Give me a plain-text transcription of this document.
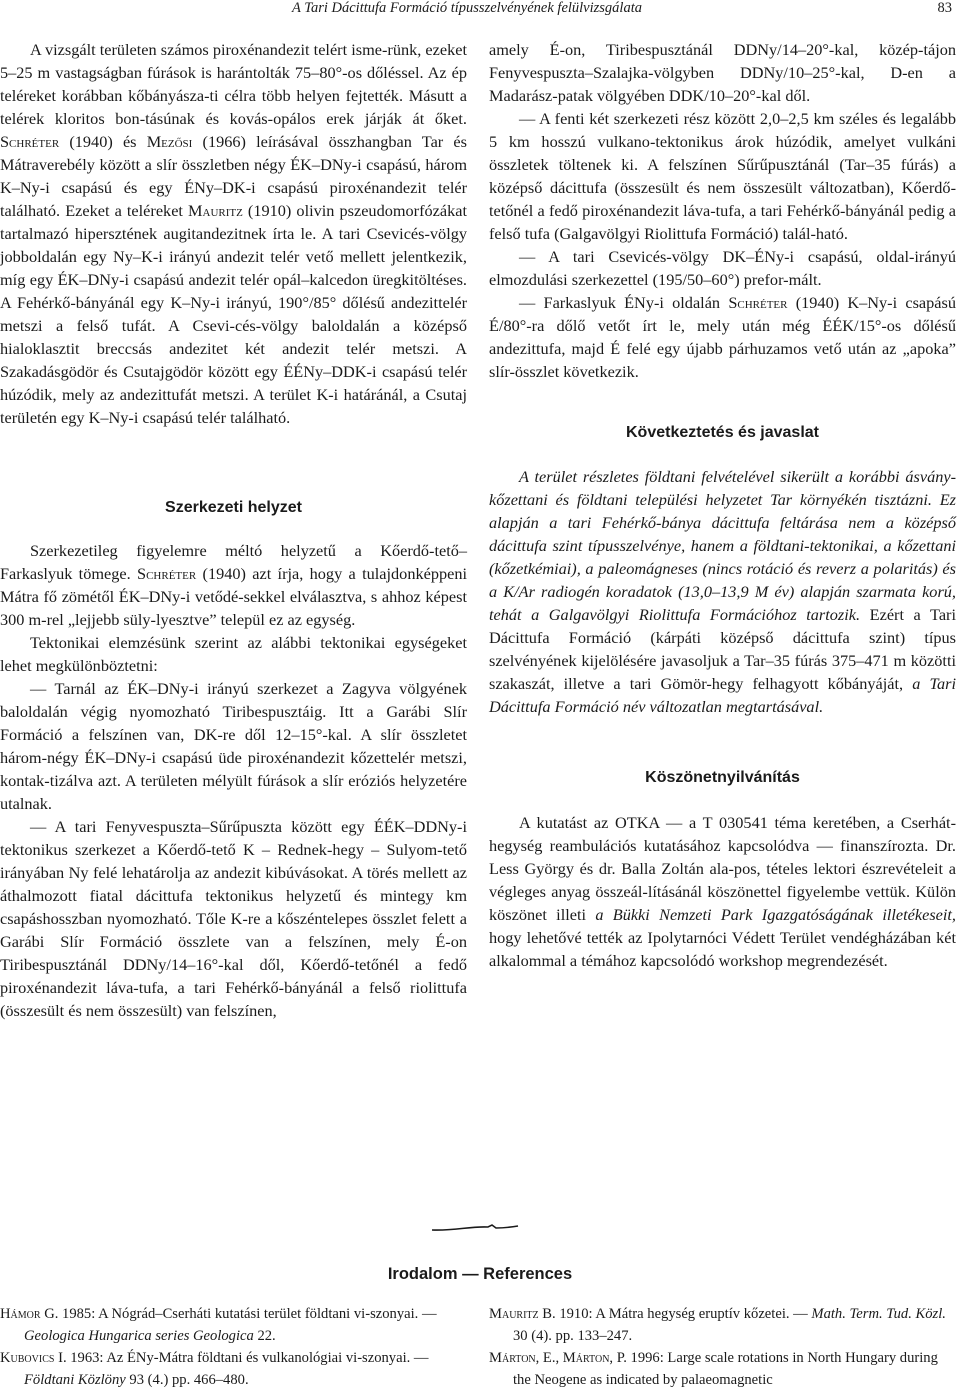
A Tari Dácittufa Formáció típusszelvényének felülvizsgálata	83

A vizsgált területen számos piroxénandezit telért isme-rünk, ezeket 5–25 m vastagságban fúrások is harántolták 75–80°-os dőléssel. Az ép teléreket korábban kőbányásza-ti célra több helyen fejtették. Másutt a telérek kloritos bon-tásúnak és kovás-opálos erek járják át őket. Schréter (1940) és Mezősi (1966) leírásával összhangban Tar és Mátraverebély között a slír összletben négy ÉK–DNy-i csapású, három K–Ny-i csapású és egy ÉNy–DK-i csapású piroxénandezit telér található. Ezeket a teléreket Mauritz (1910) olivin pszeudomorfózákat tartalmazó hipersztének augitandezitnek írta le. A tari Csevicés-völgy jobboldalán egy Ny–K-i irányú andezit telér vető mellett jelentkezik, míg egy ÉK–DNy-i csapású andezit telér opál–kalcedon üregkitöltéses. A Fehérkő-bányánál egy K–Ny-i irányú, 190°/85° dőlésű andezittelér metszi a felső tufát. A Csevi-cés-völgy baloldalán a középső hialoklasztit breccsás andezitet két andezit telér metszi. A Szakadásgödör és Csutajgödör között egy ÉÉNy–DDK-i csapású telér húzódik, mely az andezittufát metszi. A terület K-i határánál, a Csutaj területén egy K–Ny-i csapású telér található.

Szerkezeti helyzet

Szerkezetileg figyelemre méltó helyzetű a Kőerdő-tető–Farkaslyuk tömege. Schréter (1940) azt írja, hogy a tulajdonképpeni Mátra fő zömétől ÉK–DNy-i vetődé-sekkel elválasztva, s ahhoz képest 300 m-rel „lejjebb süly-lyesztve” települ ez az egység.

Tektonikai elemzésünk szerint az alábbi tektonikai egységeket lehet megkülönböztetni:

— Tarnál az ÉK–DNy-i irányú szerkezet a Zagyva völgyének baloldalán végig nyomozható Tiribespusztáig. Itt a Garábi Slír Formáció a felszínen van, DK-re dől 12–15°-kal. A slír összletet három-négy ÉK–DNy-i csapású üde piroxénandezit kőzettelér metszi, kontak-tizálva azt. A területen mélyült fúrások a slír eróziós helyzetére utalnak.

— A tari Fenyvespuszta–Sűrűpuszta között egy ÉÉK–DDNy-i tektonikus szerkezet a Kőerdő-tető K – Rednek-hegy – Sulyom-tető irányában Ny felé lehatárolja az andezit kibúvásokat. A törés mellett az áthalmozott fiatal dácittufa tektonikus helyzetű és mintegy km csapáshosszban nyomozható. Tőle K-re a kőszéntelepes összlet felett a Garábi Slír Formáció összlete van a felszínen, mely É-on Tiribespusztánál DDNy/14–16°-kal dől, Kőerdő-tetőnél a fedő piroxénandezit láva-tufa, a tari Fehérkő-bányánál a felső riolittufa (összesült és nem összesült) van felszínen,

amely É-on, Tiribespusztánál DDNy/14–20°-kal, közép-tájon Fenyvespuszta–Szalajka-völgyben DDNy/10–25°-kal, D-en a Madarász-patak völgyében DDK/10–20°-kal dől.

— A fenti két szerkezeti rész között 2,0–2,5 km széles és legalább 5 km hosszú vulkano-tektonikus árok húzódik, amelyet vulkáni összletek töltenek ki. A felszínen Sűrűpusztánál (Tar–35 fúrás) a középső dácittufa (összesült és nem összesült változatban), Kőerdő-tetőnél a fedő piroxénandezit láva-tufa, a tari Fehérkő-bányánál pedig a felső tufa (Galgavölgyi Riolittufa Formáció) talál-ható.

— A tari Csevicés-völgy DK–ÉNy-i csapású, oldal-irányú elmozdulási szerkezettel (195/50–60°) prefor-mált.

— Farkaslyuk ÉNy-i oldalán Schréter (1940) K–Ny-i csapású É/80°-ra dőlő vetőt írt le, mely után még ÉÉK/15°-os dőlésű andezittufa, majd É felé egy újabb párhuzamos vető után az „apoka” slír-összlet következik.

Következtetés és javaslat

A terület részletes földtani felvételével sikerült a korábbi ásvány-kőzettani és földtani települési helyzetet Tar környékén tisztázni. Ez alapján a tari Fehérkő-bánya dácittufa feltárása nem a középső dácittufa szint típusszelvénye, hanem a földtani-tektonikai, a kőzettani (kőzetkémiai), a paleomágneses (nincs rotáció és reverz a polaritás) és a K/Ar radiogén koradatok (13,0–13,9 M év) alapján szarmata korú, tehát a Galgavölgyi Riolittufa Formációhoz tartozik. Ezért a Tari Dácittufa Formáció (kárpáti középső dácittufa szint) típus szelvényének kijelölésére javasoljuk a Tar–35 fúrás 375–471 m közötti szakaszát, illetve a tari Gömör-hegy felhagyott kőbányáját, a Tari Dácittufa Formáció név változatlan megtartásával.

Köszönetnyilvánítás

A kutatást az OTKA — a T 030541 téma keretében, a Cserhát-hegység reambulációs kutatásához kapcsolódva — finanszírozta. Dr. Less György és dr. Balla Zoltán ala-pos, tételes lektori észrevételeit a végleges anyag összeál-lításánál köszönettel figyelembe vettük. Külön köszönet illeti a Bükki Nemzeti Park Igazgatóságának illetékeseit, hogy lehetővé tették az Ipolytarnóci Védett Terület vendégházában két alkalommal a témához kapcsolódó workshop megrendezését.

Irodalom — References

Hámor G. 1985: A Nógrád–Cserháti kutatási terület földtani vi-szonyai. — Geologica Hungarica series Geologica 22.

Kubovics I. 1963: Az ÉNy-Mátra földtani és vulkanológiai vi-szonyai. — Földtani Közlöny 93 (4.) pp. 466–480.

Mauritz B. 1910: A Mátra hegység eruptív kőzetei. — Math. Term. Tud. Közl. 30 (4). pp. 133–247.

Márton, E., Márton, P. 1996: Large scale rotations in North Hungary during the Neogene as indicated by palaeomagnetic
